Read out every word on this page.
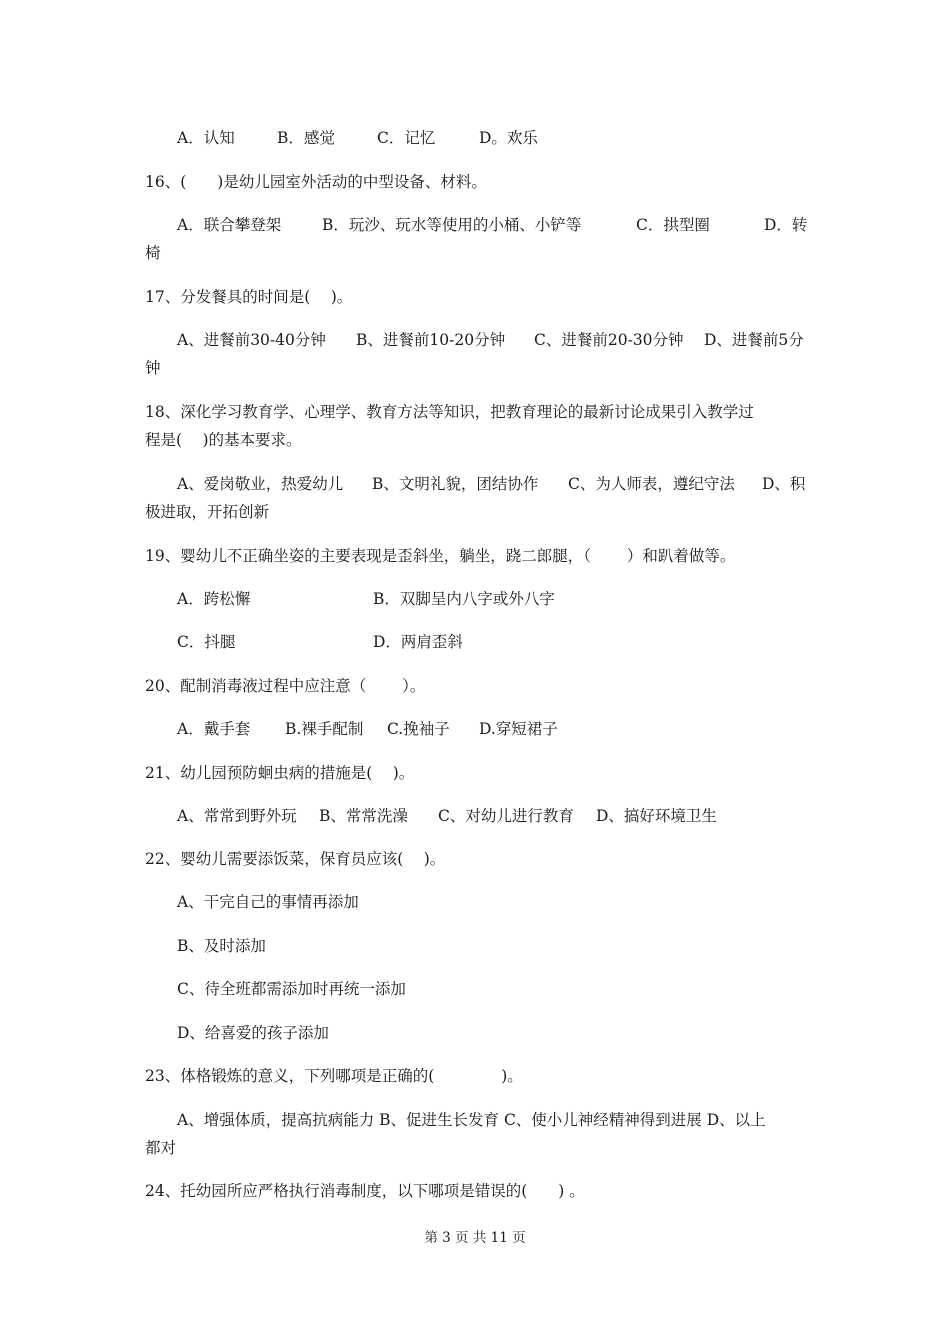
A．认知	B．感觉	C．记忆	D。欢乐
16、(　　)是幼儿园室外活动的中型设备、材料。
A．联合攀登架	B．玩沙、玩水等使用的小桶、小铲等	C．拱型圈	D．转
椅
17、分发餐具的时间是(　 )。
A、进餐前30-40分钟 B、进餐前10-20分钟 C、进餐前20-30分钟 D、进餐前5分
钟
18、深化学习教育学、心理学、教育方法等知识，把教育理论的最新讨论成果引入教学过
程是(　 )的基本要求。
A、爱岗敬业，热爱幼儿 B、文明礼貌，团结协作 C、为人师表，遵纪守法 D、积
极进取，开拓创新
19、婴幼儿不正确坐姿的主要表现是歪斜坐，躺坐，跷二郎腿，（　　 ）和趴着做等。
A．跨松懈	B．双脚呈内八字或外八字
C．抖腿	D．两肩歪斜
20、配制消毒液过程中应注意（　　 ）。
A．戴手套 B.裸手配制 C.挽袖子 D.穿短裙子
21、幼儿园预防蛔虫病的措施是(　 )。
A、常常到野外玩 B、常常洗澡 C、对幼儿进行教育 D、搞好环境卫生
22、婴幼儿需要添饭菜，保育员应该(　 )。
A、干完自己的事情再添加
B、及时添加
C、待全班都需添加时再统一添加
D、给喜爱的孩子添加
23、体格锻炼的意义，下列哪项是正确的(　　　　 )。
A、增强体质，提高抗病能力 B、促进生长发育 C、使小儿神经精神得到进展 D、以上
都对
24、托幼园所应严格执行消毒制度，以下哪项是错误的(　　) 。
第 3 页 共 11 页
